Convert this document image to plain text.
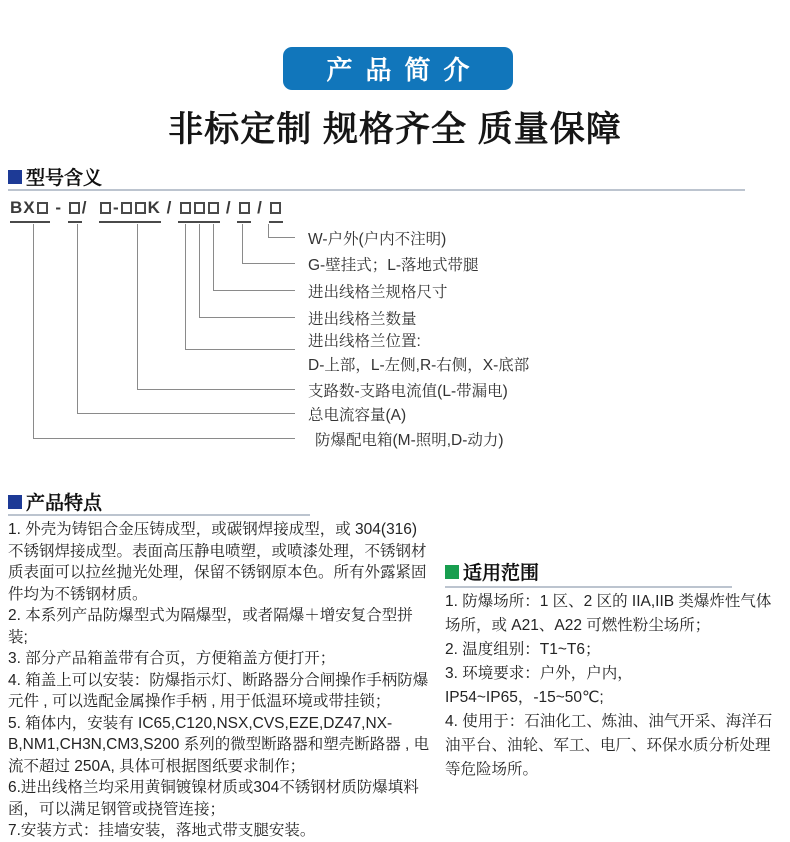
产品简介
非标定制 规格齐全 质量保障
型号含义
BX - / - K /	/ /
W-户外(户内不注明)
G-壁挂式；L-落地式带腿
进出线格兰规格尺寸
进出线格兰数量
进出线格兰位置:
D-上部，L-左侧,R-右侧，X-底部
支路数-支路电流值(L-带漏电)
总电流容量(A)
防爆配电箱(M-照明,D-动力)
产品特点

1. 外壳为铸铝合金压铸成型，或碳钢焊接成型，或 304(316)不锈钢焊接成型。表面高压静电喷塑，或喷漆处理，不锈钢材质表面可以拉丝抛光处理，保留不锈钢原本色。所有外露紧固件均为不锈钢材质。

2. 本系列产品防爆型式为隔爆型，或者隔爆＋增安复合型拼装;

3. 部分产品箱盖带有合页，方便箱盖方便打开；

4. 箱盖上可以安装：防爆指示灯、断路器分合闸操作手柄防爆元件 , 可以选配金属操作手柄 , 用于低温环境或带挂锁；

5. 箱体内，安装有 IC65,C120,NSX,CVS,EZE,DZ47,NX-B,NM1,CH3N,CM3,S200 系列的微型断路器和塑壳断路器 , 电流不超过 250A, 具体可根据图纸要求制作；

6.进出线格兰均采用黄铜镀镍材质或304不锈钢材质防爆填料函，可以满足钢管或挠管连接；

7.安装方式：挂墙安装，落地式带支腿安装。

适用范围

1. 防爆场所：1 区、2 区的 IIA,IIB 类爆炸性气体场所，或 A21、A22 可燃性粉尘场所；

2. 温度组别：T1~T6；

3. 环境要求：户外，户内，IP54~IP65，-15~50℃;

4. 使用于：石油化工、炼油、油气开采、海洋石油平台、油轮、军工、电厂、环保水质分析处理等危险场所。
